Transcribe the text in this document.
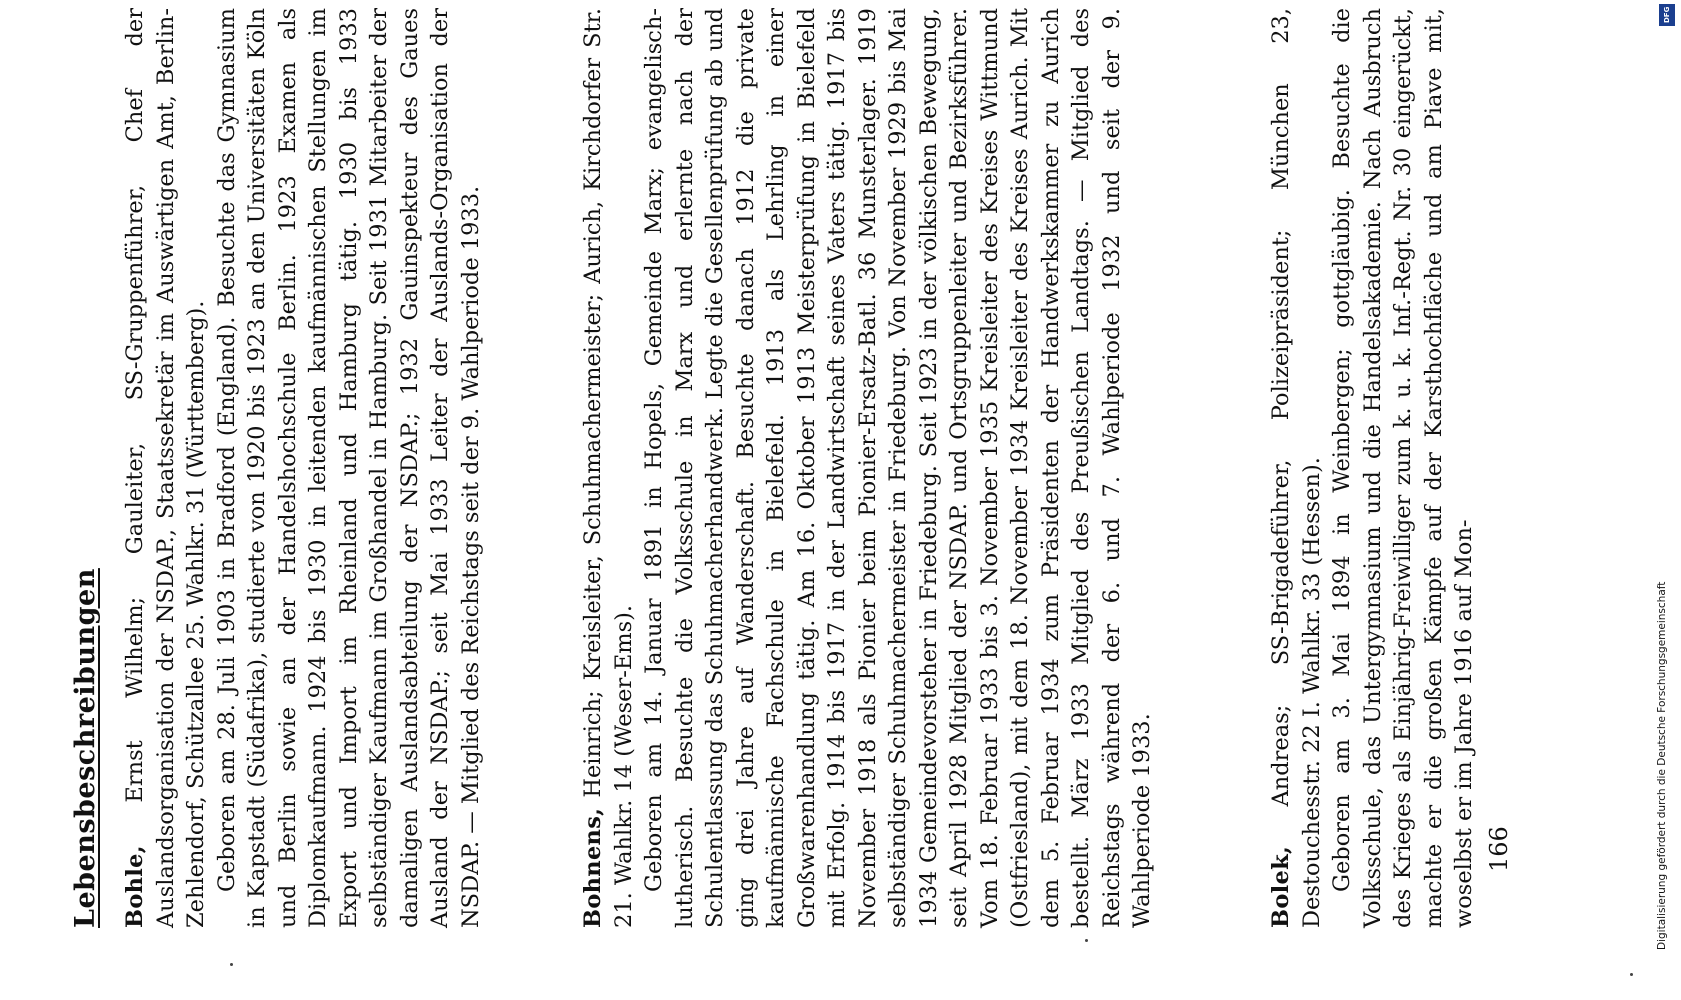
Lebensbeschreibungen Bohle, Ernst Wilhelm; Gauleiter, SS-Gruppenführer, Chef der Auslandsorganisation der NSDAP., Staatssekretär im Auswärtigen Amt, Berlin-Zehlendorf, Schützallee 25. Wahlkr. 31 (Württemberg). Geboren am 28. Juli 1903 in Bradford (England). Besuchte das Gymnasium in Kapstadt (Südafrika), studierte von 1920 bis 1923 an den Universitäten Köln und Berlin sowie an der Handelshochschule Berlin. 1923 Examen als Diplomkaufmann. 1924 bis 1930 in leitenden kaufmännischen Stellungen im Export und Import im Rheinland und Hamburg tätig. 1930 bis 1933 selbständiger Kaufmann im Großhandel in Hamburg. Seit 1931 Mitarbeiter der damaligen Auslandsabteilung der NSDAP.; 1932 Gauinspekteur des Gaues Ausland der NSDAP.; seit Mai 1933 Leiter der Auslands-Organisation der NSDAP. — Mitglied des Reichstags seit der 9. Wahlperiode 1933.	Bohnens, Heinrich; Kreisleiter, Schuhmachermeister; Aurich, Kirchdorfer Str. 21. Wahlkr. 14 (Weser-Ems). Geboren am 14. Januar 1891 in Hopels, Gemeinde Marx; evangelisch-lutherisch. Besuchte die Volksschule in Marx und erlernte nach der Schulentlassung das Schuhmacherhandwerk. Legte die Gesellenprüfung ab und ging drei Jahre auf Wanderschaft. Besuchte danach 1912 die private kaufmännische Fachschule in Bielefeld. 1913 als Lehrling in einer Großwarenhandlung tätig. Am 16. Oktober 1913 Meisterprüfung in Bielefeld mit Erfolg. 1914 bis 1917 in der Landwirtschaft seines Vaters tätig. 1917 bis November 1918 als Pionier beim Pionier-Ersatz-Batl. 36 Munsterlager. 1919 selbständiger Schuhmachermeister in Friedeburg. Von November 1929 bis Mai 1934 Gemeindevorsteher in Friedeburg. Seit 1923 in der völkischen Bewegung, seit April 1928 Mitglied der NSDAP. und Ortsgruppenleiter und Bezirksführer. Vom 18. Februar 1933 bis 3. November 1935 Kreisleiter des Kreises Wittmund (Ostfriesland), mit dem 18. November 1934 Kreisleiter des Kreises Aurich. Mit dem 5. Februar 1934 zum Präsidenten der Handwerkskammer zu Aurich bestellt. März 1933 Mitglied des Preußischen Landtags. — Mitglied des Reichstags während der 6. und 7. Wahlperiode 1932 und seit der 9. Wahlperiode 1933.	Bolek, Andreas; SS-Brigadeführer, Polizeipräsident; München 23, Destouchesstr. 22 I. Wahlkr. 33 (Hessen). Geboren am 3. Mai 1894 in Weinbergen; gottgläubig. Besuchte die Volksschule, das Untergymnasium und die Handelsakademie. Nach Ausbruch des Krieges als Einjährig-Freiwilliger zum k. u. k. Inf.-Regt. Nr. 30 eingerückt, machte er die großen Kämpfe auf der Karsthochfläche und am Piave mit, woselbst er im Jahre 1916 auf Mon- 166
DFG
Digitalisierung gefördert durch die Deutsche Forschungsgemeinschaft
